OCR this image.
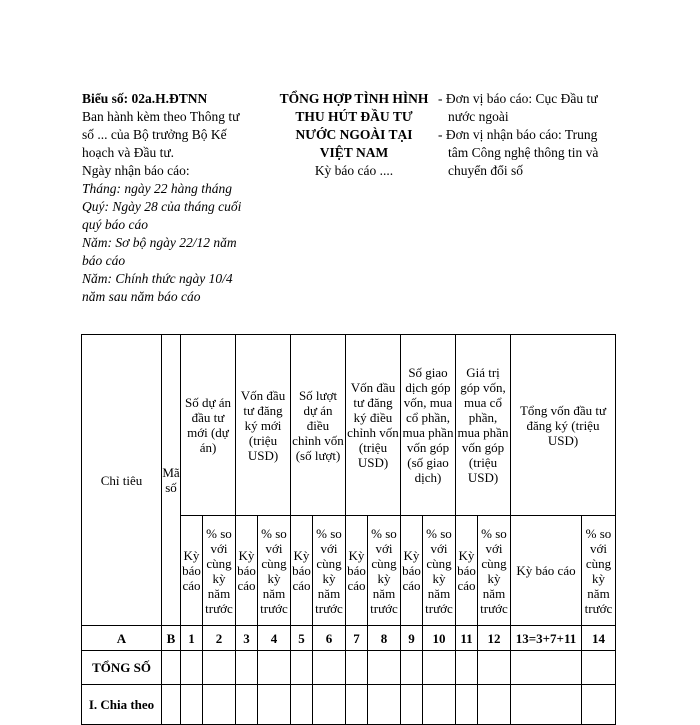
Biểu số: 02a.H.ĐTNN
Ban hành kèm theo Thông tư
số ... của Bộ trưởng Bộ Kế
hoạch và Đầu tư.
Ngày nhận báo cáo:
Tháng: ngày 22 hàng tháng
Quý: Ngày 28 của tháng cuối
quý báo cáo
Năm: Sơ bộ ngày 22/12 năm
báo cáo
Năm: Chính thức ngày 10/4
năm sau năm báo cáo
TỔNG HỢP TÌNH HÌNH
THU HÚT ĐẦU TƯ
NƯỚC NGOÀI TẠI
VIỆT NAM
Kỳ báo cáo ....
- Đơn vị báo cáo: Cục Đầu tư
nước ngoài
- Đơn vị nhận báo cáo: Trung
tâm Công nghệ thông tin và
chuyển đổi số
Chỉ tiêu	Mã số	Số dự án đầu tư mới (dự án)		Vốn đầu tư đăng ký mới (triệu USD)		Số lượt dự án điều chỉnh vốn (số lượt)		Vốn đầu tư đăng ký điều chỉnh vốn (triệu USD)		Số giao dịch góp vốn, mua cổ phần, mua phần vốn góp (số giao dịch)		Giá trị góp vốn, mua cổ phần, mua phần vốn góp (triệu USD)		Tổng vốn đầu tư đăng ký (triệu USD)	
		Kỳ báo cáo	% so với cùng kỳ năm trước	Kỳ báo cáo	% so với cùng kỳ năm trước	Kỳ báo cáo	% so với cùng kỳ năm trước	Kỳ báo cáo	% so với cùng kỳ năm trước	Kỳ báo cáo	% so với cùng kỳ năm trước	Kỳ báo cáo	% so với cùng kỳ năm trước	Kỳ báo cáo	% so với cùng kỳ năm trước
A	B	1	2	3	4	5	6	7	8	9	10	11	12	13=3+7+11	14
TỔNG SỐ															
I. Chia theo															
